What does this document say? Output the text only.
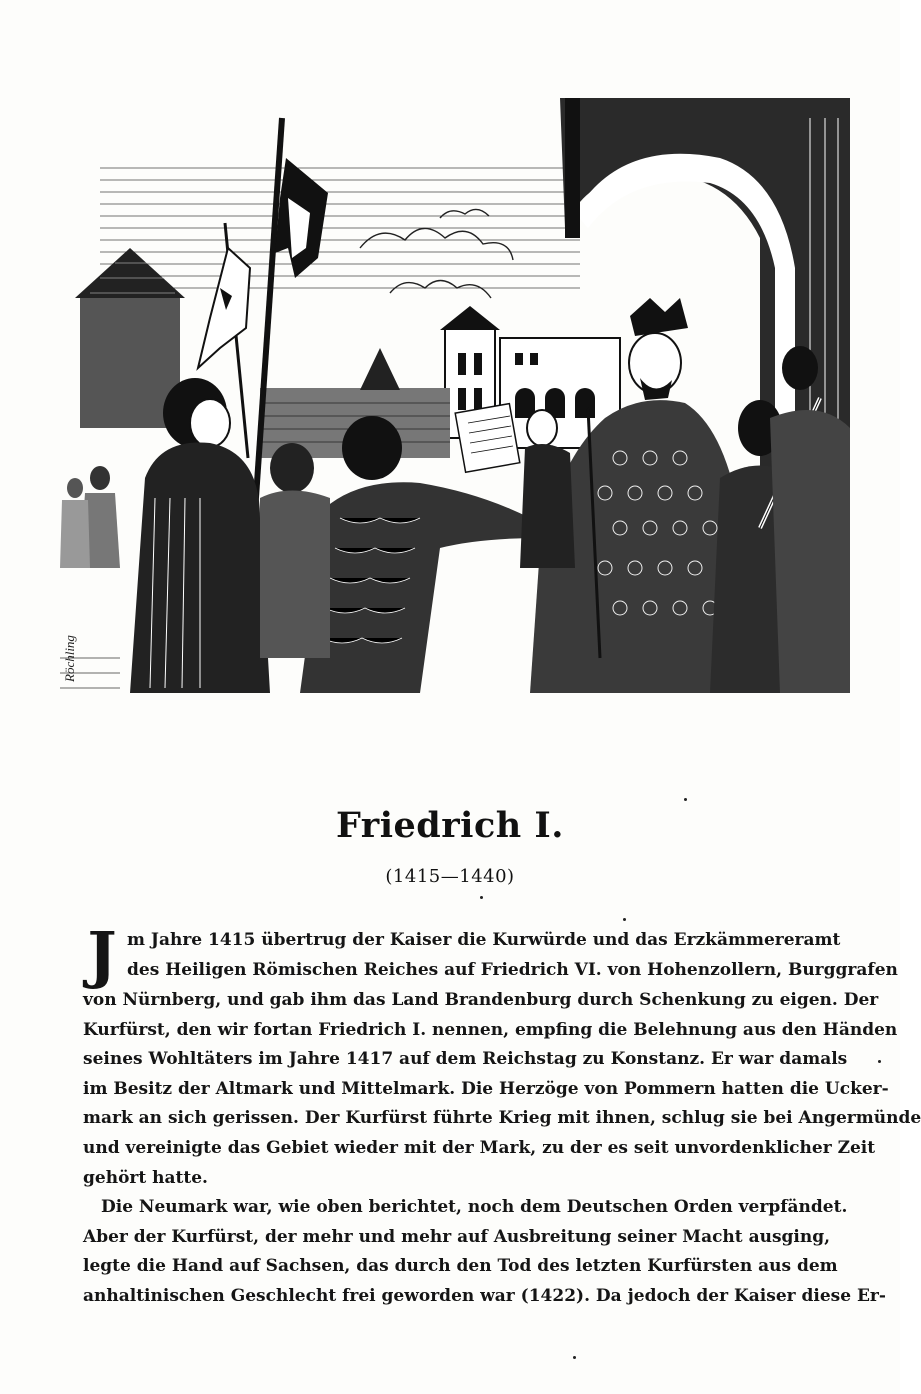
Röchling
Friedrich I.
(1415—1440)
J m Jahre 1415 übertrug der Kaiser die Kurwürde und das Erzkämmereramt
des Heiligen Römischen Reiches auf Friedrich VI. von Hohenzollern, Burggrafen
von Nürnberg, und gab ihm das Land Brandenburg durch Schenkung zu eigen. Der
Kurfürst, den wir fortan Friedrich I. nennen, empfing die Belehnung aus den Händen
seines Wohltäters im Jahre 1417 auf dem Reichstag zu Konstanz. Er war damals
im Besitz der Altmark und Mittelmark. Die Herzöge von Pommern hatten die Ucker-
mark an sich gerissen. Der Kurfürst führte Krieg mit ihnen, schlug sie bei Angermünde
und vereinigte das Gebiet wieder mit der Mark, zu der es seit unvordenklicher Zeit
gehört hatte.
Die Neumark war, wie oben berichtet, noch dem Deutschen Orden verpfändet.
Aber der Kurfürst, der mehr und mehr auf Ausbreitung seiner Macht ausging,
legte die Hand auf Sachsen, das durch den Tod des letzten Kurfürsten aus dem
anhaltinischen Geschlecht frei geworden war (1422). Da jedoch der Kaiser diese Er-
